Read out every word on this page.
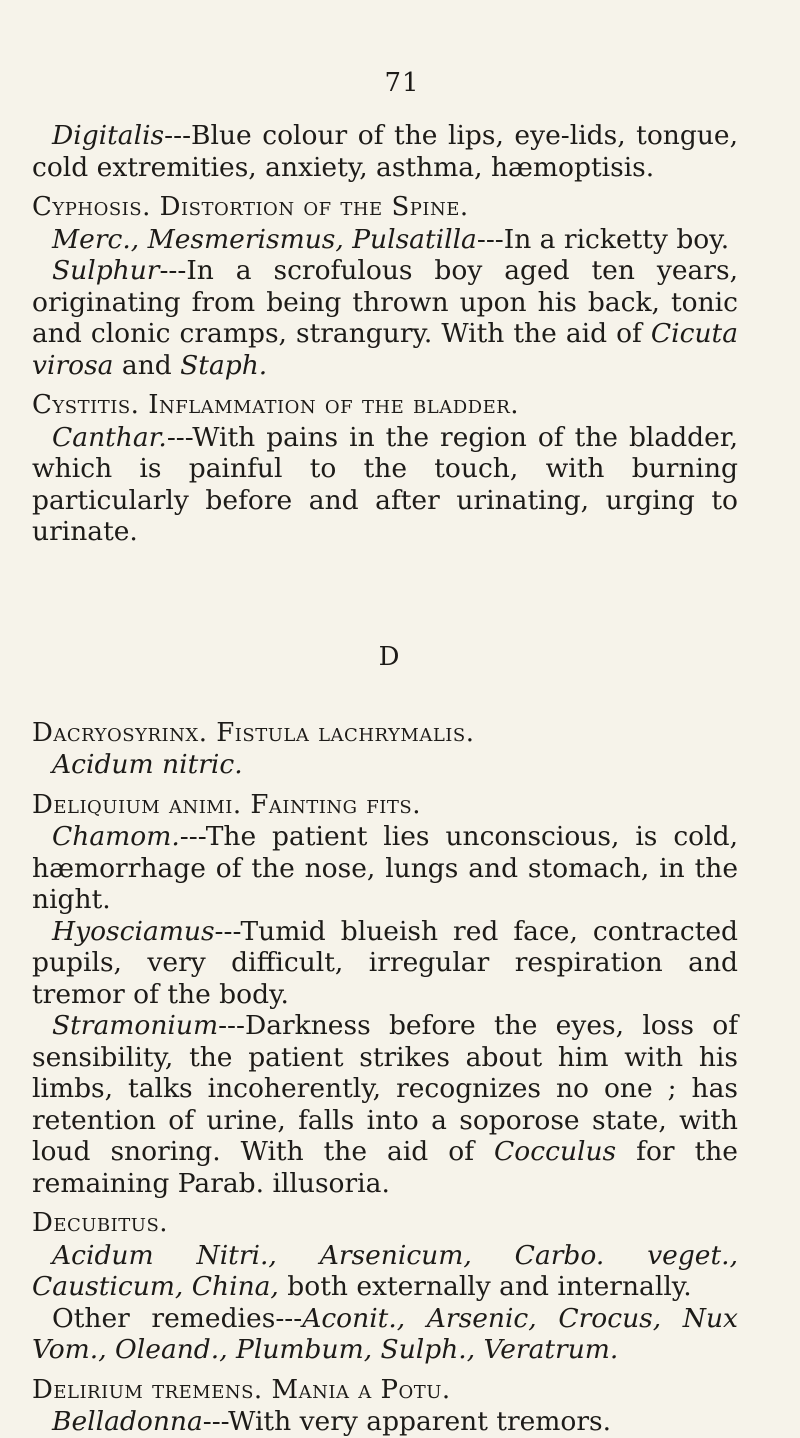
71

Digitalis---Blue colour of the lips, eye-lids, tongue, cold extremities, anxiety, asthma, hæmoptisis.

Cyphosis. Distortion of the Spine.

Merc., Mesmerismus, Pulsatilla---In a ricketty boy.

Sulphur---In a scrofulous boy aged ten years, originating from being thrown upon his back, tonic and clonic cramps, strangury. With the aid of Cicuta virosa and Staph.

Cystitis. Inflammation of the bladder.

Canthar.---With pains in the region of the bladder, which is painful to the touch, with burning particularly before and after urinating, urging to urinate.

D

Dacryosyrinx. Fistula lachrymalis.

Acidum nitric.

Deliquium animi. Fainting fits.

Chamom.---The patient lies unconscious, is cold, hæmorrhage of the nose, lungs and stomach, in the night.

Hyosciamus---Tumid blueish red face, contracted pupils, very difficult, irregular respiration and tremor of the body.

Stramonium---Darkness before the eyes, loss of sensibility, the patient strikes about him with his limbs, talks incoherently, recognizes no one ; has retention of urine, falls into a soporose state, with loud snoring. With the aid of Cocculus for the remaining Parab. illusoria.

Decubitus.

Acidum Nitri., Arsenicum, Carbo. veget., Causticum, China, both externally and internally.

Other remedies---Aconit., Arsenic, Crocus, Nux Vom., Oleand., Plumbum, Sulph., Veratrum.

Delirium tremens. Mania a Potu.

Belladonna---With very apparent tremors.
